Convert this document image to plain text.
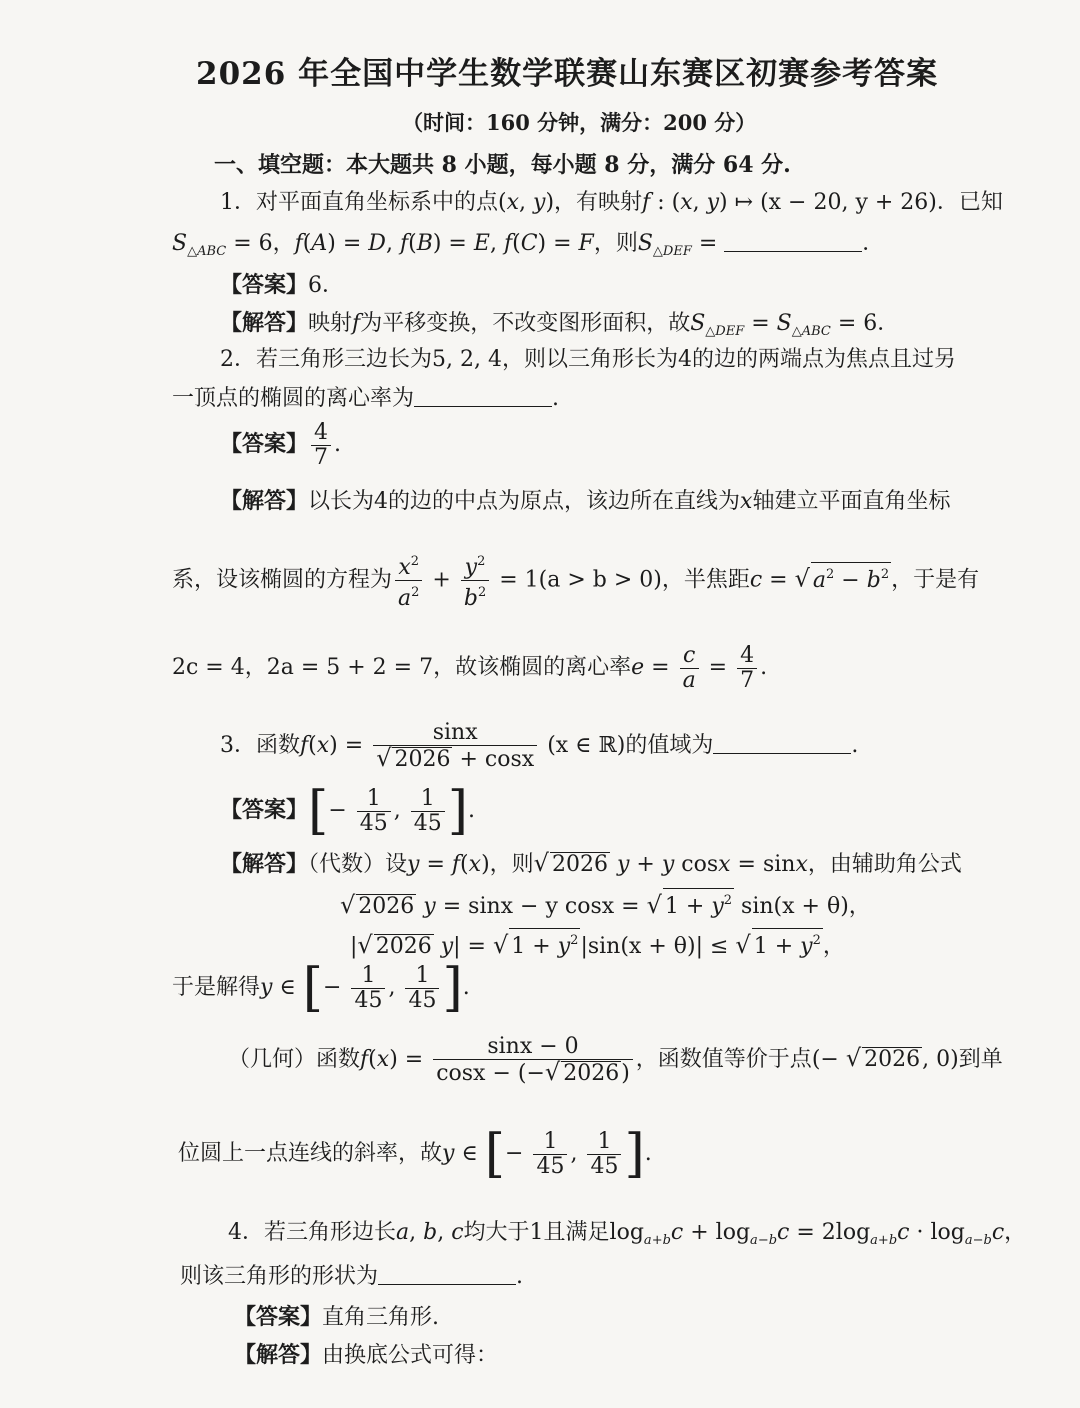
2026 年全国中学生数学联赛山东赛区初赛参考答案
（时间：160 分钟，满分：200 分）
一、填空题：本大题共 8 小题，每小题 8 分，满分 64 分.
1．对平面直角坐标系中的点(x, y)，有映射f : (x, y) ↦ (x − 20, y + 26)．已知
$S_{\triangle ABC} = 6$，f(A) = D, f(B) = E, f(C) = F，则$S_{\triangle DEF}$ =	．
【答案】6．
【解答】映射f为平移变换，不改变图形面积，故$S_{\triangle DEF} = S_{\triangle ABC} = 6$．
2．若三角形三边长为5, 2, 4，则以三角形长为4的边的两端点为焦点且过另
一顶点的椭圆的离心率为	.
【答案】 $\frac{4}{7}$ .
【解答】以长为4的边的中点为原点，该边所在直线为x轴建立平面直角坐标
系，设该椭圆的方程为 $\frac{x^2}{a^2} + \frac{y^2}{b^2} = 1(a > b > 0)$，半焦距c = √ $a^2 - b^2$，于是有
2c = 4，2a = 5 + 2 = 7，故该椭圆的离心率$e = \frac{c}{a} = \frac{4}{7}$ .
3．函数$f(x) = \frac{\sin x}{√ 2026 + \cos x} (x$ ∈ ℝ)的值域为	.
【答案】[− $\frac{1}{45}$ , $\frac{1}{45}$ ].
【解答】（代数）设y = f(x)，则√ 2026 y + y cosx = sinx，由辅助角公式
√ 2026 y = sinx − y cosx = √ $1 + y^2$ sin(x + θ)，
|√ 2026 y| = √ $1 + y^2|\sin(x + \theta)|$ ≤ √ $1 + y^2$，
于是解得y ∈ [− $\frac{1}{45}$ , $\frac{1}{45}$ ].
（几何）函数$f(x) = \frac{\sin x - 0}{\cos x - (-√ 2026)}$ ，函数值等价于点(− √ 2026, 0)到单
位圆上一点连线的斜率，故y ∈ [− $\frac{1}{45}$ , $\frac{1}{45}$ ].
4．若三角形边长a, b, c均大于1且满足$\log_{a+b}c + \log_{a-b}c = 2\log_{a+b}c \cdot \log_{a-b}c$，
则该三角形的形状为	.
【答案】直角三角形.
【解答】由换底公式可得：
